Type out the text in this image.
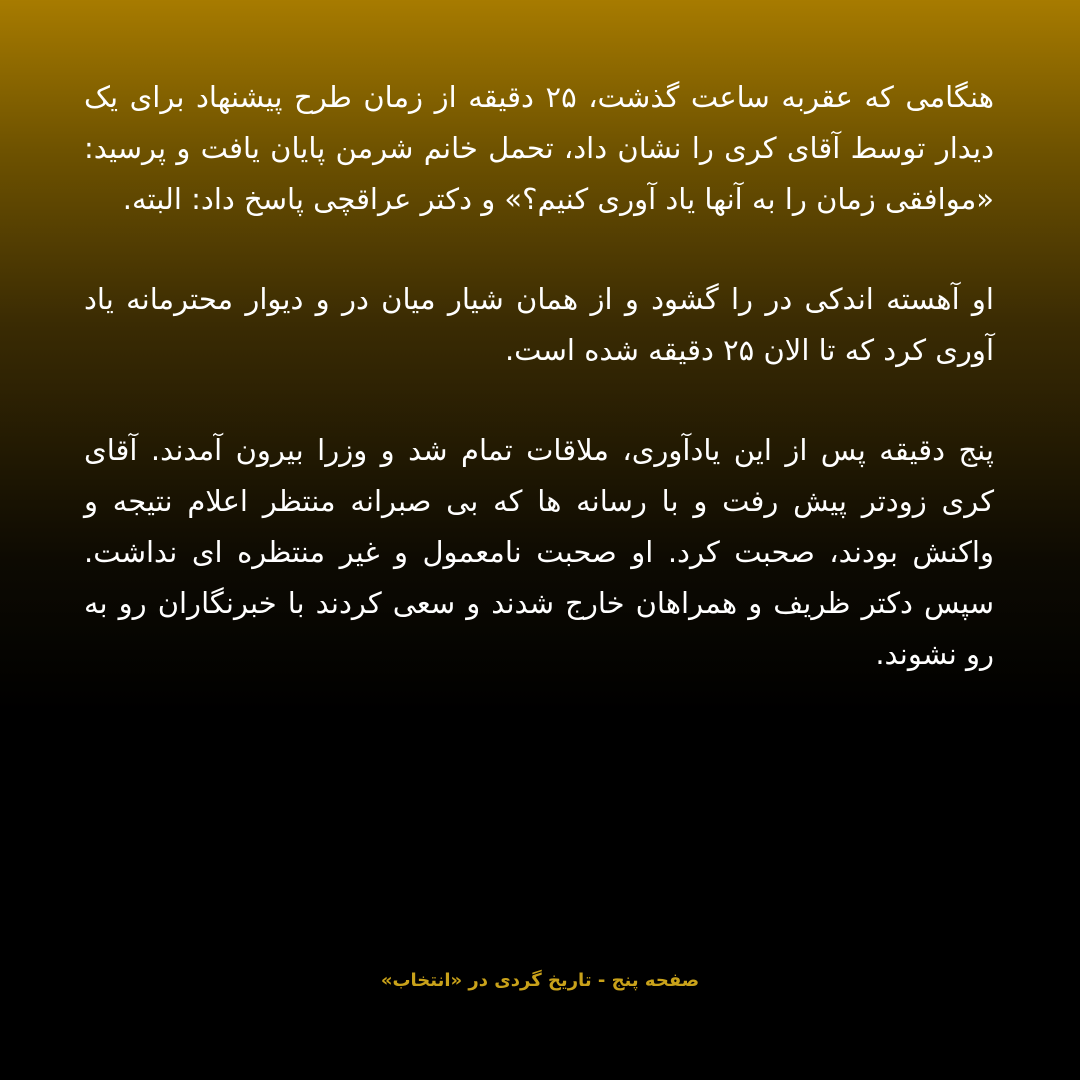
هنگامی که عقربه ساعت گذشت، ۲۵ دقیقه از زمان طرح پیشنهاد برای یک دیدار توسط آقای کری را نشان داد، تحمل خانم شرمن پایان یافت و پرسید: «موافقی زمان را به آنها یاد آوری کنیم؟» و دکتر عراقچی پاسخ داد: البته.

او آهسته اندکی در را گشود و از همان شیار میان در و دیوار محترمانه یاد آوری کرد که تا الان ۲۵ دقیقه شده است.

پنج دقیقه پس از این یادآوری، ملاقات تمام شد و وزرا بیرون آمدند. آقای کری زودتر پیش رفت و با رسانه ها که بی صبرانه منتظر اعلام نتیجه و واکنش بودند، صحبت کرد. او صحبت نامعمول و غیر منتظره ای نداشت. سپس دکتر ظریف و همراهان خارج شدند و سعی کردند با خبرنگاران رو به رو نشوند.

صفحه پنج - تاریخ گردی در «انتخاب»
